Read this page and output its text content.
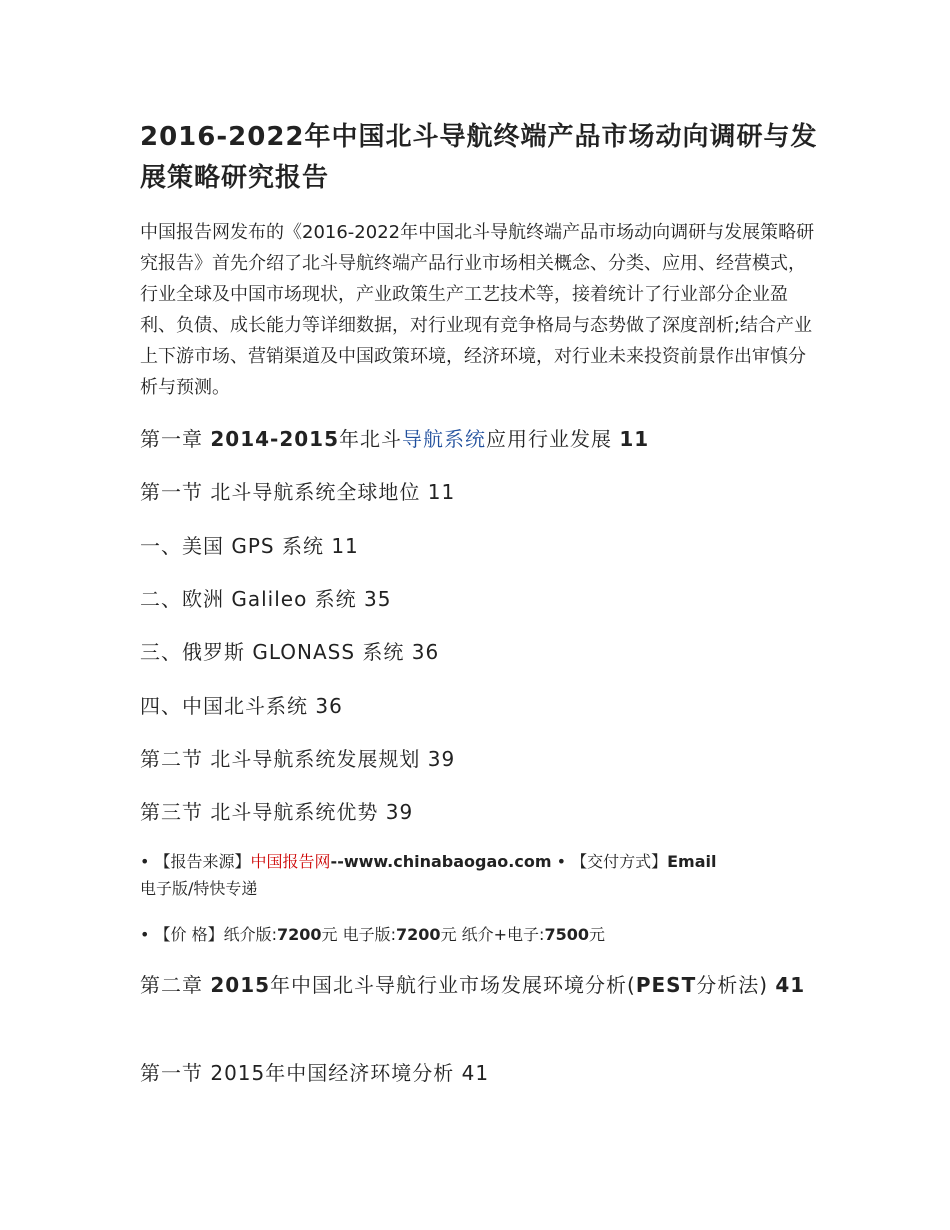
2016-2022年中国北斗导航终端产品市场动向调研与发展策略研究报告

中国报告网发布的《2016-2022年中国北斗导航终端产品市场动向调研与发展策略研究报告》首先介绍了北斗导航终端产品行业市场相关概念、分类、应用、经营模式，行业全球及中国市场现状，产业政策生产工艺技术等，接着统计了行业部分企业盈利、负债、成长能力等详细数据，对行业现有竞争格局与态势做了深度剖析;结合产业上下游市场、营销渠道及中国政策环境，经济环境，对行业未来投资前景作出审慎分析与预测。

第一章 2014-2015年北斗导航系统应用行业发展 11
第一节 北斗导航系统全球地位 11
一、美国 GPS 系统 11
二、欧洲 Galileo 系统 35
三、俄罗斯 GLONASS 系统 36
四、中国北斗系统 36
第二节 北斗导航系统发展规划 39
第三节 北斗导航系统优势 39
• 【报告来源】中国报告网--www.chinabaogao.com • 【交付方式】Email
电子版/特快专递
• 【价 格】纸介版:7200元 电子版:7200元 纸介+电子:7500元
第二章 2015年中国北斗导航行业市场发展环境分析(PEST分析法) 41
第一节 2015年中国经济环境分析 41
